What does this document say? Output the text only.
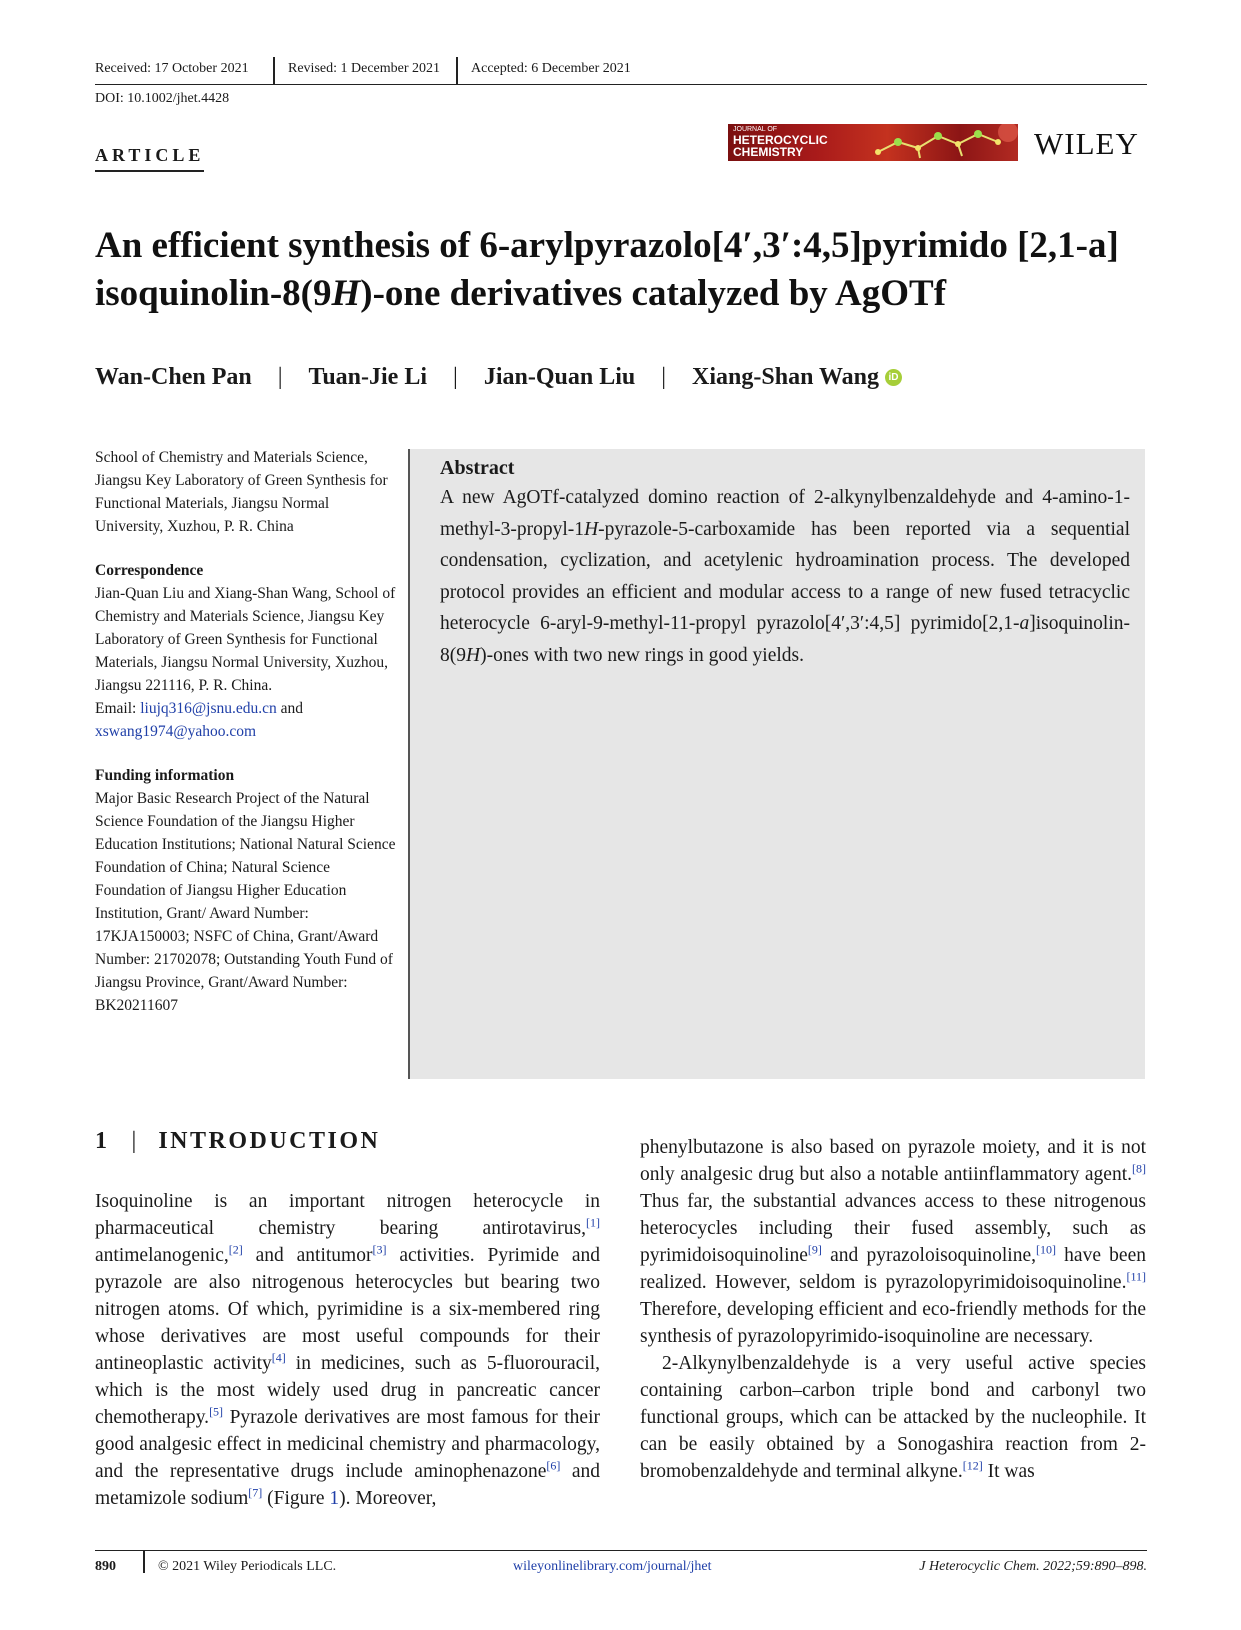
Received: 17 October 2021	Revised: 1 December 2021 Accepted: 6 December 2021
DOI: 10.1002/jhet.4428
ARTICLE
JOURNAL OF
HETEROCYCLIC
CHEMISTRY	WILEY
An efficient synthesis of 6-arylpyrazolo[4′,3′:4,5]pyrimido [2,1-a] isoquinolin-8(9H)-one derivatives catalyzed by AgOTf
Wan-Chen Pan | Tuan-Jie Li | Jian-Quan Liu | Xiang-Shan Wang iD

School of Chemistry and Materials Science, Jiangsu Key Laboratory of Green Synthesis for Functional Materials, Jiangsu Normal University, Xuzhou, P. R. China

Correspondence

Jian-Quan Liu and Xiang-Shan Wang, School of Chemistry and Materials Science, Jiangsu Key Laboratory of Green Synthesis for Functional Materials, Jiangsu Normal University, Xuzhou, Jiangsu 221116, P. R. China.

Email: liujq316@jsnu.edu.cn and
xswang1974@yahoo.com

Funding information

Major Basic Research Project of the Natural Science Foundation of the Jiangsu Higher Education Institutions; National Natural Science Foundation of China; Natural Science Foundation of Jiangsu Higher Education Institution, Grant/ Award Number: 17KJA150003; NSFC of China, Grant/Award Number: 21702078; Outstanding Youth Fund of Jiangsu Province, Grant/Award Number: BK20211607

Abstract

A new AgOTf-catalyzed domino reaction of 2-alkynylbenzaldehyde and 4-amino-1-methyl-3-propyl-1H-pyrazole-5-carboxamide has been reported via a sequential condensation, cyclization, and acetylenic hydroamination process. The developed protocol provides an efficient and modular access to a range of new fused tetracyclic heterocycle 6-aryl-9-methyl-11-propyl pyrazolo[4′,3′:4,5] pyrimido[2,1-a]isoquinolin-8(9H)-ones with two new rings in good yields.

1 | INTRODUCTION

Isoquinoline is an important nitrogen heterocycle in pharmaceutical chemistry bearing antirotavirus,[1] antimelanogenic,[2] and antitumor[3] activities. Pyrimide and pyrazole are also nitrogenous heterocycles but bearing two nitrogen atoms. Of which, pyrimidine is a six-membered ring whose derivatives are most useful compounds for their antineoplastic activity[4] in medicines, such as 5-fluorouracil, which is the most widely used drug in pancreatic cancer chemotherapy.[5] Pyrazole derivatives are most famous for their good analgesic effect in medicinal chemistry and pharmacology, and the representative drugs include aminophenazone[6] and metamizole sodium[7] (Figure 1). Moreover,

phenylbutazone is also based on pyrazole moiety, and it is not only analgesic drug but also a notable antiinflammatory agent.[8] Thus far, the substantial advances access to these nitrogenous heterocycles including their fused assembly, such as pyrimidoisoquinoline[9] and pyrazoloisoquinoline,[10] have been realized. However, seldom is pyrazolopyrimidoisoquinoline.[11] Therefore, developing efficient and eco-friendly methods for the synthesis of pyrazolopyrimido-isoquinoline are necessary.

2-Alkynylbenzaldehyde is a very useful active species containing carbon–carbon triple bond and carbonyl two functional groups, which can be attacked by the nucleophile. It can be easily obtained by a Sonogashira reaction from 2-bromobenzaldehyde and terminal alkyne.[12] It was

890	© 2021 Wiley Periodicals LLC.	wileyonlinelibrary.com/journal/jhet	J Heterocyclic Chem. 2022;59:890–898.
